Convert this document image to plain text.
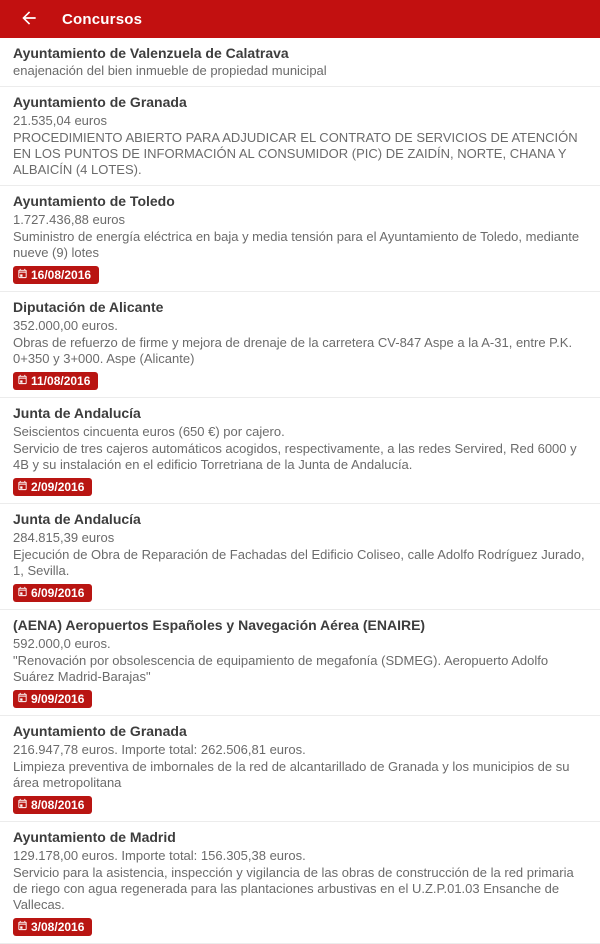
Concursos
Ayuntamiento de Valenzuela de Calatrava
enajenación del bien inmueble de propiedad municipal
Ayuntamiento de Granada
21.535,04 euros
PROCEDIMIENTO ABIERTO PARA ADJUDICAR EL CONTRATO DE SERVICIOS DE ATENCIÓN EN LOS PUNTOS DE INFORMACIÓN AL CONSUMIDOR (PIC) DE ZAIDÍN, NORTE, CHANA Y ALBAICÍN (4 LOTES).
Ayuntamiento de Toledo
1.727.436,88 euros
Suministro de energía eléctrica en baja y media tensión para el Ayuntamiento de Toledo, mediante nueve (9) lotes
16/08/2016
Diputación de Alicante
352.000,00 euros.
Obras de refuerzo de firme y mejora de drenaje de la carretera CV-847 Aspe a la A-31, entre P.K. 0+350 y 3+000. Aspe (Alicante)
11/08/2016
Junta de Andalucía
Seiscientos cincuenta euros (650 €) por cajero.
Servicio de tres cajeros automáticos acogidos, respectivamente, a las redes Servired, Red 6000 y 4B y su instalación en el edificio Torretriana de la Junta de Andalucía.
2/09/2016
Junta de Andalucía
284.815,39 euros
Ejecución de Obra de Reparación de Fachadas del Edificio Coliseo, calle Adolfo Rodríguez Jurado, 1, Sevilla.
6/09/2016
(AENA) Aeropuertos Españoles y Navegación Aérea (ENAIRE)
592.000,0 euros.
"Renovación por obsolescencia de equipamiento de megafonía (SDMEG). Aeropuerto Adolfo Suárez Madrid-Barajas"
9/09/2016
Ayuntamiento de Granada
216.947,78 euros. Importe total: 262.506,81 euros.
Limpieza preventiva de imbornales de la red de alcantarillado de Granada y los municipios de su área metropolitana
8/08/2016
Ayuntamiento de Madrid
129.178,00 euros. Importe total: 156.305,38 euros.
Servicio para la asistencia, inspección y vigilancia de las obras de construcción de la red primaria de riego con agua regenerada para las plantaciones arbustivas en el U.Z.P.01.03 Ensanche de Vallecas.
3/08/2016
